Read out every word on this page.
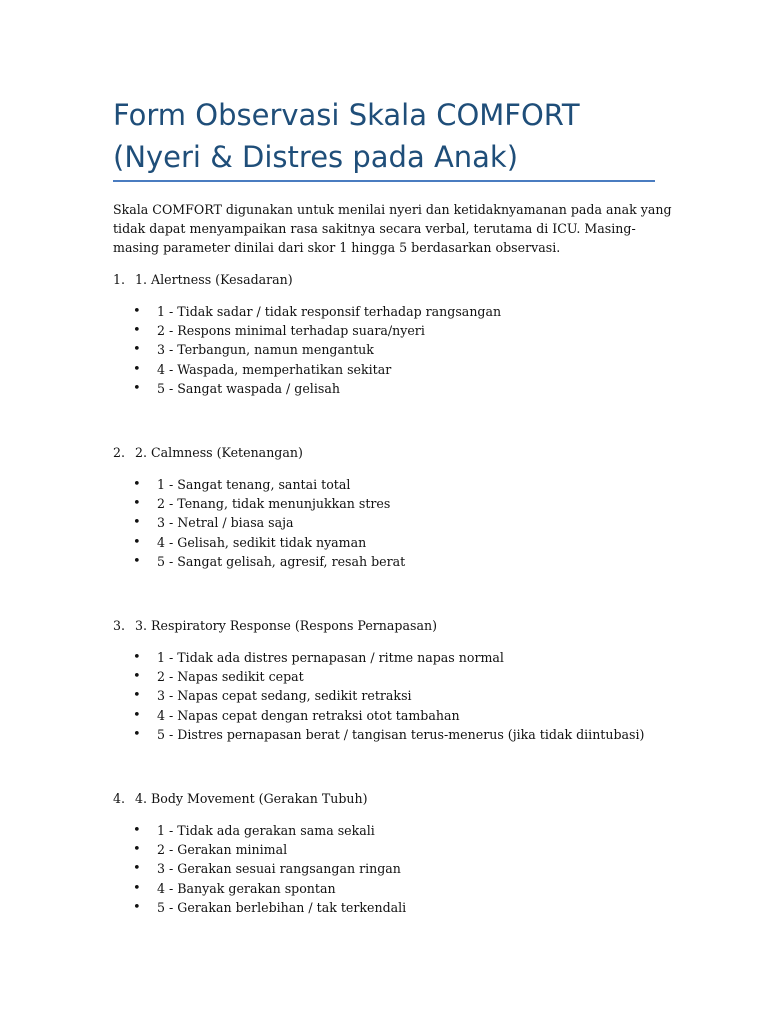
Form Observasi Skala COMFORT (Nyeri & Distres pada Anak)

Skala COMFORT digunakan untuk menilai nyeri dan ketidaknyamanan pada anak yang tidak dapat menyampaikan rasa sakitnya secara verbal, terutama di ICU. Masing-masing parameter dinilai dari skor 1 hingga 5 berdasarkan observasi.

1. 1. Alertness (Kesadaran)
• 1 - Tidak sadar / tidak responsif terhadap rangsangan
• 2 - Respons minimal terhadap suara/nyeri
• 3 - Terbangun, namun mengantuk
• 4 - Waspada, memperhatikan sekitar
• 5 - Sangat waspada / gelisah
2. 2. Calmness (Ketenangan)
• 1 - Sangat tenang, santai total
• 2 - Tenang, tidak menunjukkan stres
• 3 - Netral / biasa saja
• 4 - Gelisah, sedikit tidak nyaman
• 5 - Sangat gelisah, agresif, resah berat
3. 3. Respiratory Response (Respons Pernapasan)
• 1 - Tidak ada distres pernapasan / ritme napas normal
• 2 - Napas sedikit cepat
• 3 - Napas cepat sedang, sedikit retraksi
• 4 - Napas cepat dengan retraksi otot tambahan
• 5 - Distres pernapasan berat / tangisan terus-menerus (jika tidak diintubasi)
4. 4. Body Movement (Gerakan Tubuh)
• 1 - Tidak ada gerakan sama sekali
• 2 - Gerakan minimal
• 3 - Gerakan sesuai rangsangan ringan
• 4 - Banyak gerakan spontan
• 5 - Gerakan berlebihan / tak terkendali
